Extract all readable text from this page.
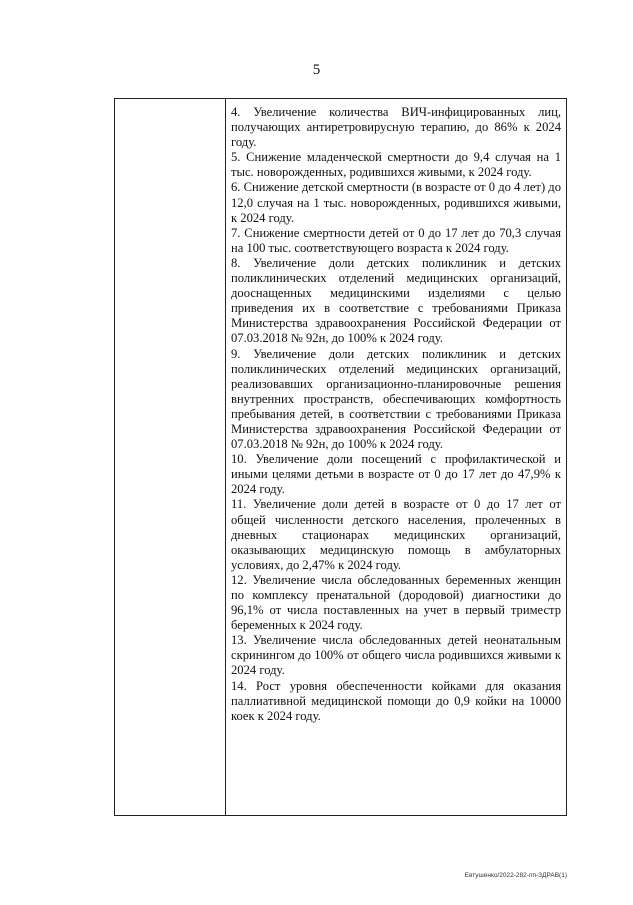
5

4. Увеличение количества ВИЧ-инфицированных лиц, получающих антиретровирусную терапию, до 86% к 2024 году.

5. Снижение младенческой смертности до 9,4 случая на 1 тыс. новорожденных, родившихся живыми, к 2024 году.

6. Снижение детской смертности (в возрасте от 0 до 4 лет) до 12,0 случая на 1 тыс. новорожденных, родившихся живыми, к 2024 году.

7. Снижение смертности детей от 0 до 17 лет до 70,3 случая на 100 тыс. соответствующего возраста к 2024 году.

8. Увеличение доли детских поликлиник и детских поликлинических отделений медицинских организаций, дооснащенных медицинскими изделиями с целью приведения их в соответствие с требованиями Приказа Министерства здравоохранения Российской Федерации от 07.03.2018 № 92н, до 100% к 2024 году.

9. Увеличение доли детских поликлиник и детских поликлинических отделений медицинских организаций, реализовавших организационно-планировочные решения внутренних пространств, обеспечивающих комфортность пребывания детей, в соответствии с требованиями Приказа Министерства здравоохранения Российской Федерации от 07.03.2018 № 92н, до 100% к 2024 году.

10. Увеличение доли посещений с профилактической и иными целями детьми в возрасте от 0 до 17 лет до 47,9% к 2024 году.

11. Увеличение доли детей в возрасте от 0 до 17 лет от общей численности детского населения, пролеченных в дневных стационарах медицинских организаций, оказывающих медицинскую помощь в амбулаторных условиях, до 2,47% к 2024 году.

12. Увеличение числа обследованных беременных женщин по комплексу пренатальной (дородовой) диагностики до 96,1% от числа поставленных на учет в первый триместр беременных к 2024 году.

13. Увеличение числа обследованных детей неонатальным скринингом до 100% от общего числа родившихся живыми к 2024 году.

14. Рост уровня обеспеченности койками для оказания паллиативной медицинской помощи до 0,9 койки на 10000 коек к 2024 году.

Евтушенко/2022-282-пп-ЗДРАВ(1)
